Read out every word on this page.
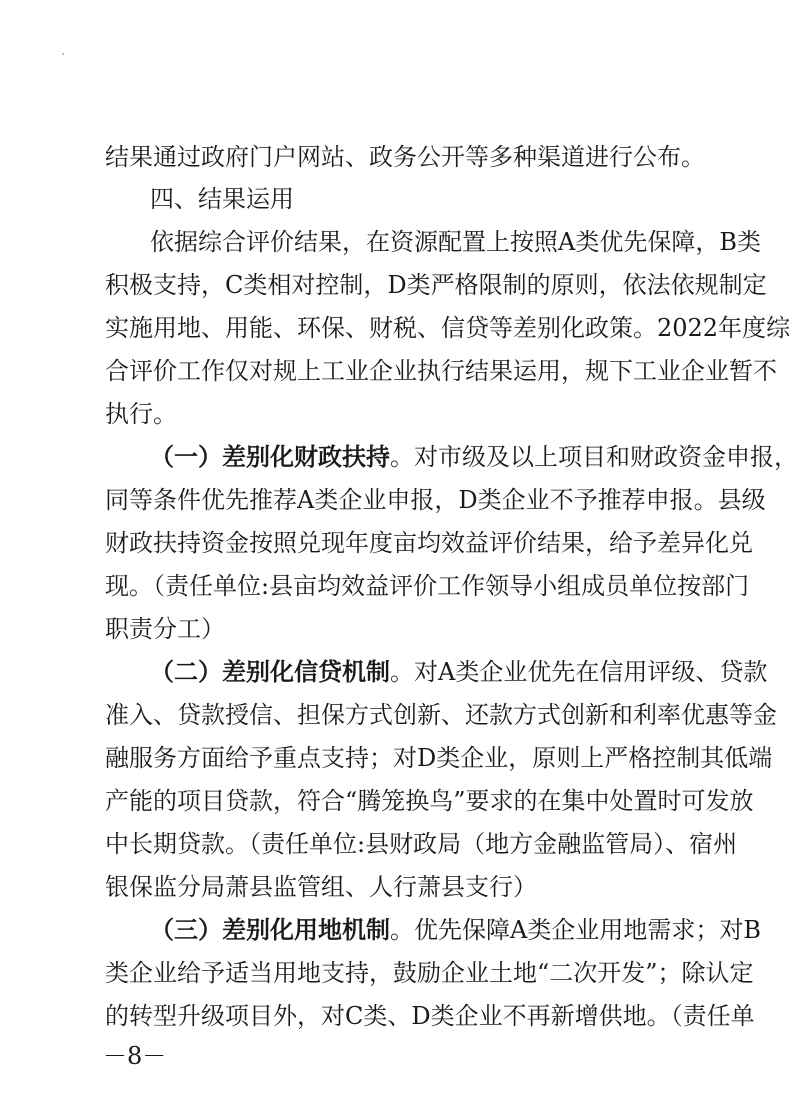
结果通过政府门户网站、政务公开等多种渠道进行公布。
四、结果运用
依据综合评价结果，在资源配置上按照A类优先保障，B类
积极支持，C类相对控制，D类严格限制的原则，依法依规制定
实施用地、用能、环保、财税、信贷等差别化政策。2022年度综
合评价工作仅对规上工业企业执行结果运用，规下工业企业暂不
执行。
（一）差别化财政扶持。对市级及以上项目和财政资金申报，
同等条件优先推荐A类企业申报，D类企业不予推荐申报。县级
财政扶持资金按照兑现年度亩均效益评价结果，给予差异化兑
现。（责任单位:县亩均效益评价工作领导小组成员单位按部门
职责分工）
（二）差别化信贷机制。对A类企业优先在信用评级、贷款
准入、贷款授信、担保方式创新、还款方式创新和利率优惠等金
融服务方面给予重点支持；对D类企业，原则上严格控制其低端
产能的项目贷款，符合“腾笼换鸟”要求的在集中处置时可发放
中长期贷款。（责任单位:县财政局（地方金融监管局）、宿州
银保监分局萧县监管组、人行萧县支行）
（三）差别化用地机制。优先保障A类企业用地需求；对B
类企业给予适当用地支持，鼓励企业土地“二次开发”；除认定
的转型升级项目外，对C类、D类企业不再新增供地。（责任单
－8－
